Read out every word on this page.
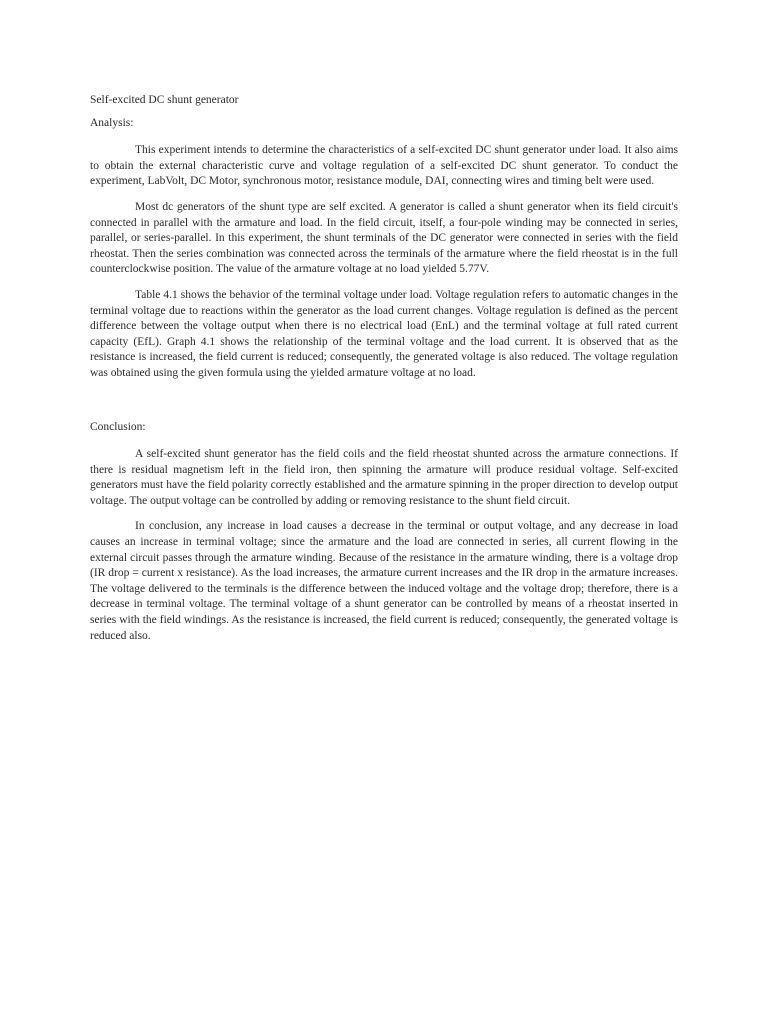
Self-excited DC shunt generator
Analysis:

This experiment intends to determine the characteristics of a self-excited DC shunt generator under load. It also aims to obtain the external characteristic curve and voltage regulation of a self-excited DC shunt generator. To conduct the experiment, LabVolt, DC Motor, synchronous motor, resistance module, DAI, connecting wires and timing belt were used.

Most dc generators of the shunt type are self excited. A generator is called a shunt generator when its field circuit's connected in parallel with the armature and load. In the field circuit, itself, a four-pole winding may be connected in series, parallel, or series-parallel. In this experiment, the shunt terminals of the DC generator were connected in series with the field rheostat. Then the series combination was connected across the terminals of the armature where the field rheostat is in the full counterclockwise position. The value of the armature voltage at no load yielded 5.77V.

Table 4.1 shows the behavior of the terminal voltage under load. Voltage regulation refers to automatic changes in the terminal voltage due to reactions within the generator as the load current changes. Voltage regulation is defined as the percent difference between the voltage output when there is no electrical load (EnL) and the terminal voltage at full rated current capacity (EfL). Graph 4.1 shows the relationship of the terminal voltage and the load current. It is observed that as the resistance is increased, the field current is reduced; consequently, the generated voltage is also reduced. The voltage regulation was obtained using the given formula using the yielded armature voltage at no load.

Conclusion:

A self-excited shunt generator has the field coils and the field rheostat shunted across the armature connections. If there is residual magnetism left in the field iron, then spinning the armature will produce residual voltage. Self-excited generators must have the field polarity correctly established and the armature spinning in the proper direction to develop output voltage. The output voltage can be controlled by adding or removing resistance to the shunt field circuit.

In conclusion, any increase in load causes a decrease in the terminal or output voltage, and any decrease in load causes an increase in terminal voltage; since the armature and the load are connected in series, all current flowing in the external circuit passes through the armature winding. Because of the resistance in the armature winding, there is a voltage drop (IR drop = current x resistance). As the load increases, the armature current increases and the IR drop in the armature increases. The voltage delivered to the terminals is the difference between the induced voltage and the voltage drop; therefore, there is a decrease in terminal voltage. The terminal voltage of a shunt generator can be controlled by means of a rheostat inserted in series with the field windings. As the resistance is increased, the field current is reduced; consequently, the generated voltage is reduced also.
